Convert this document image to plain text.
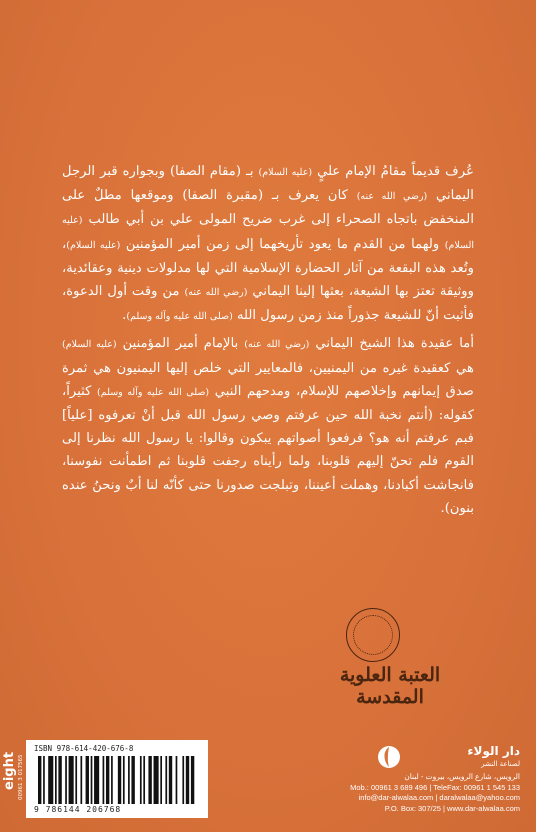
عُرف قديماً مقامُ الإمام عليٍ (عليه السلام) بـ (مقام الصفا) وبجواره قبر الرجل اليماني (رضي الله عنه) كان يعرف بـ (مقبرة الصفا) وموقعها مطلٌ على المنخفض باتجاه الصحراء إلى غرب ضريح المولى علي بن أبي طالب (عليه السلام) ولهما من القدم ما يعود تأريخهما إلى زمن أمير المؤمنين (عليه السلام)، وتُعد هذه البقعة من آثار الحضارة الإسلامية التي لها مدلولات دينية وعقائدية، ووثيقة تعتز بها الشيعة، بعثها إلينا اليماني (رضي الله عنه) من وقت أول الدعوة، فأثبت أنّ للشيعة جذوراً منذ زمن رسول الله (صلى الله عليه وآله وسلم).

أما عقيدة هذا الشيخ اليماني (رضي الله عنه) بالإمام أمير المؤمنين (عليه السلام) هي كعقيدة غيره من اليمنيين، فالمعايير التي خلص إليها اليمنيون هي ثمرة صدق إيمانهم وإخلاصهم للإسلام، ومدحهم النبي (صلى الله عليه وآله وسلم) كثيراً، كقوله: (أنتم نخبة الله حين عرفتم وصي رسول الله قبل أنْ تعرفوه [علياً] فبم عرفتم أنه هو؟ فرفعوا أصواتهم يبكون وقالوا: يا رسول الله نظرنا إلى القوم فلم تحنّ إليهم قلوبنا، ولما رأيناه رجفت قلوبنا ثم اطمأنت نفوسنا، فانجاشت أكبادنا، وهملت أعيننا، وتبلجت صدورنا حتى كأنّه لنا أبٌ ونحنُ عنده بنون).

العتبة العلوية المقدسة
ISBN 978-614-420-676-8
9 786144 206768
eight 00961 3 017565
دار الولاء
لصناعة النشر
الرويس، شارع الرويس، بيروت - لبنان
Mob.: 00961 3 689 496 | TeleFax: 00961 1 545 133
info@dar-alwalaa.com | daralwalaa@yahoo.com
P.O. Box: 307/25 | www.dar-alwalaa.com
